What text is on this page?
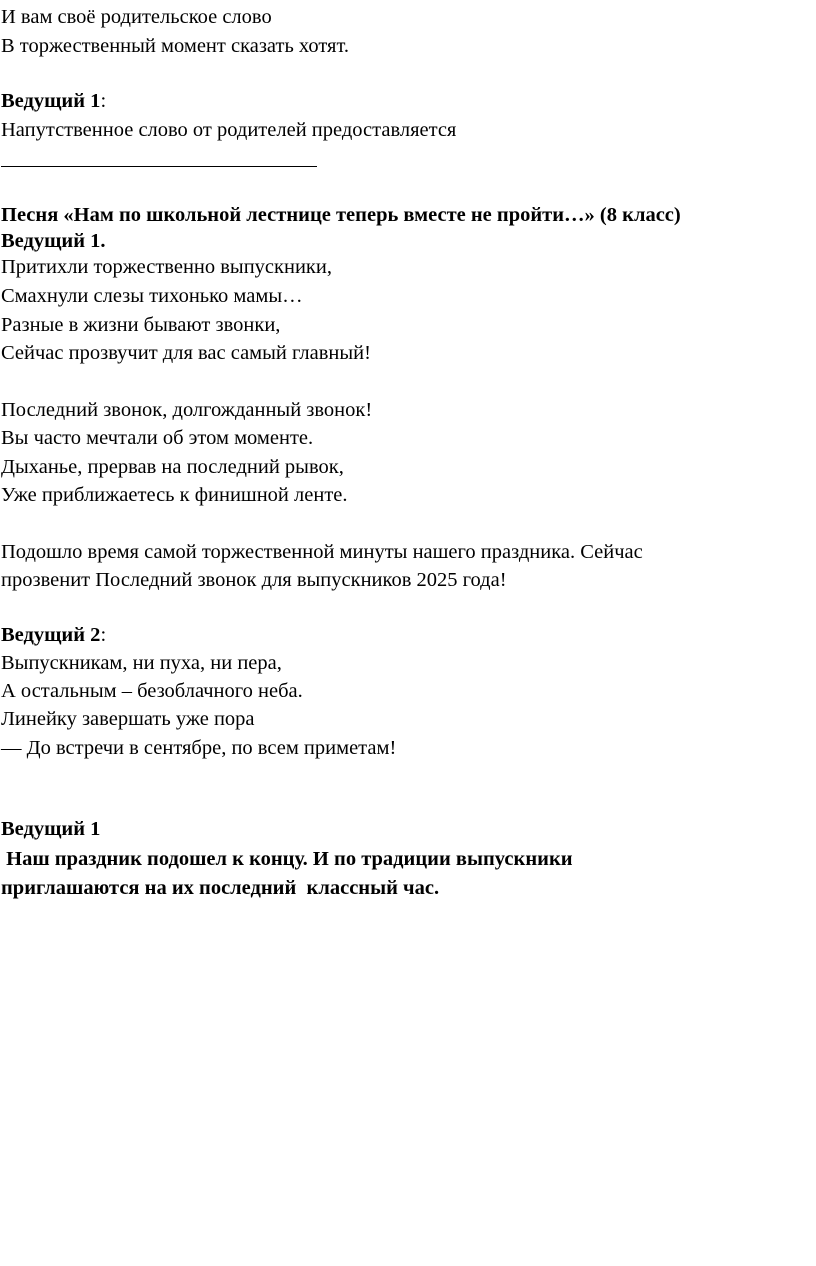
И вам своё родительское слово
В торжественный момент сказать хотят.
Ведущий 1:
Напутственное слово от родителей предоставляется
Песня «Нам по школьной лестнице теперь вместе не пройти…» (8 класс)
Ведущий 1.
Притихли торжественно выпускники,
Смахнули слезы тихонько мамы…
Разные в жизни бывают звонки,
Сейчас прозвучит для вас самый главный!
Последний звонок, долгожданный звонок!
Вы часто мечтали об этом моменте.
Дыханье, прервав на последний рывок,
Уже приближаетесь к финишной ленте.
Подошло время самой торжественной минуты нашего праздника. Сейчас
прозвенит Последний звонок для выпускников 2025 года!
Ведущий 2:
Выпускникам, ни пуха, ни пера,
А остальным – безоблачного неба.
Линейку завершать уже пора
— До встречи в сентябре, по всем приметам!
Ведущий 1
Наш праздник подошел к концу. И по традиции выпускники
приглашаются на их последний  классный час.
